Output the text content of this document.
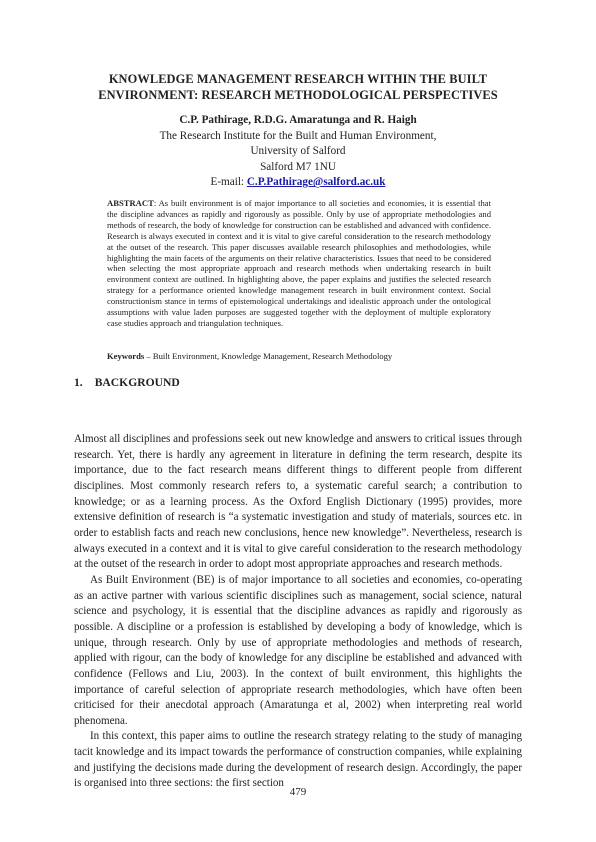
KNOWLEDGE MANAGEMENT RESEARCH WITHIN THE BUILT
ENVIRONMENT: RESEARCH METHODOLOGICAL PERSPECTIVES
C.P. Pathirage, R.D.G. Amaratunga and R. Haigh
The Research Institute for the Built and Human Environment,
University of Salford
Salford M7 1NU
E-mail: C.P.Pathirage@salford.ac.uk
ABSTRACT: As built environment is of major importance to all societies and economies, it is essential that the discipline advances as rapidly and rigorously as possible. Only by use of appropriate methodologies and methods of research, the body of knowledge for construction can be established and advanced with confidence. Research is always executed in context and it is vital to give careful consideration to the research methodology at the outset of the research. This paper discusses available research philosophies and methodologies, while highlighting the main facets of the arguments on their relative characteristics. Issues that need to be considered when selecting the most appropriate approach and research methods when undertaking research in built environment context are outlined. In highlighting above, the paper explains and justifies the selected research strategy for a performance oriented knowledge management research in built environment context. Social constructionism stance in terms of epistemological undertakings and idealistic approach under the ontological assumptions with value laden purposes are suggested together with the deployment of multiple exploratory case studies approach and triangulation techniques.
Keywords – Built Environment, Knowledge Management, Research Methodology
1. BACKGROUND

Almost all disciplines and professions seek out new knowledge and answers to critical issues through research. Yet, there is hardly any agreement in literature in defining the term research, despite its importance, due to the fact research means different things to different people from different disciplines. Most commonly research refers to, a systematic careful search; a contribution to knowledge; or as a learning process. As the Oxford English Dictionary (1995) provides, more extensive definition of research is “a systematic investigation and study of materials, sources etc. in order to establish facts and reach new conclusions, hence new knowledge”. Nevertheless, research is always executed in a context and it is vital to give careful consideration to the research methodology at the outset of the research in order to adopt most appropriate approaches and research methods.

As Built Environment (BE) is of major importance to all societies and economies, co-operating as an active partner with various scientific disciplines such as management, social science, natural science and psychology, it is essential that the discipline advances as rapidly and rigorously as possible. A discipline or a profession is established by developing a body of knowledge, which is unique, through research. Only by use of appropriate methodologies and methods of research, applied with rigour, can the body of knowledge for any discipline be established and advanced with confidence (Fellows and Liu, 2003). In the context of built environment, this highlights the importance of careful selection of appropriate research methodologies, which have often been criticised for their anecdotal approach (Amaratunga et al, 2002) when interpreting real world phenomena.

In this context, this paper aims to outline the research strategy relating to the study of managing tacit knowledge and its impact towards the performance of construction companies, while explaining and justifying the decisions made during the development of research design. Accordingly, the paper is organised into three sections: the first section

479
